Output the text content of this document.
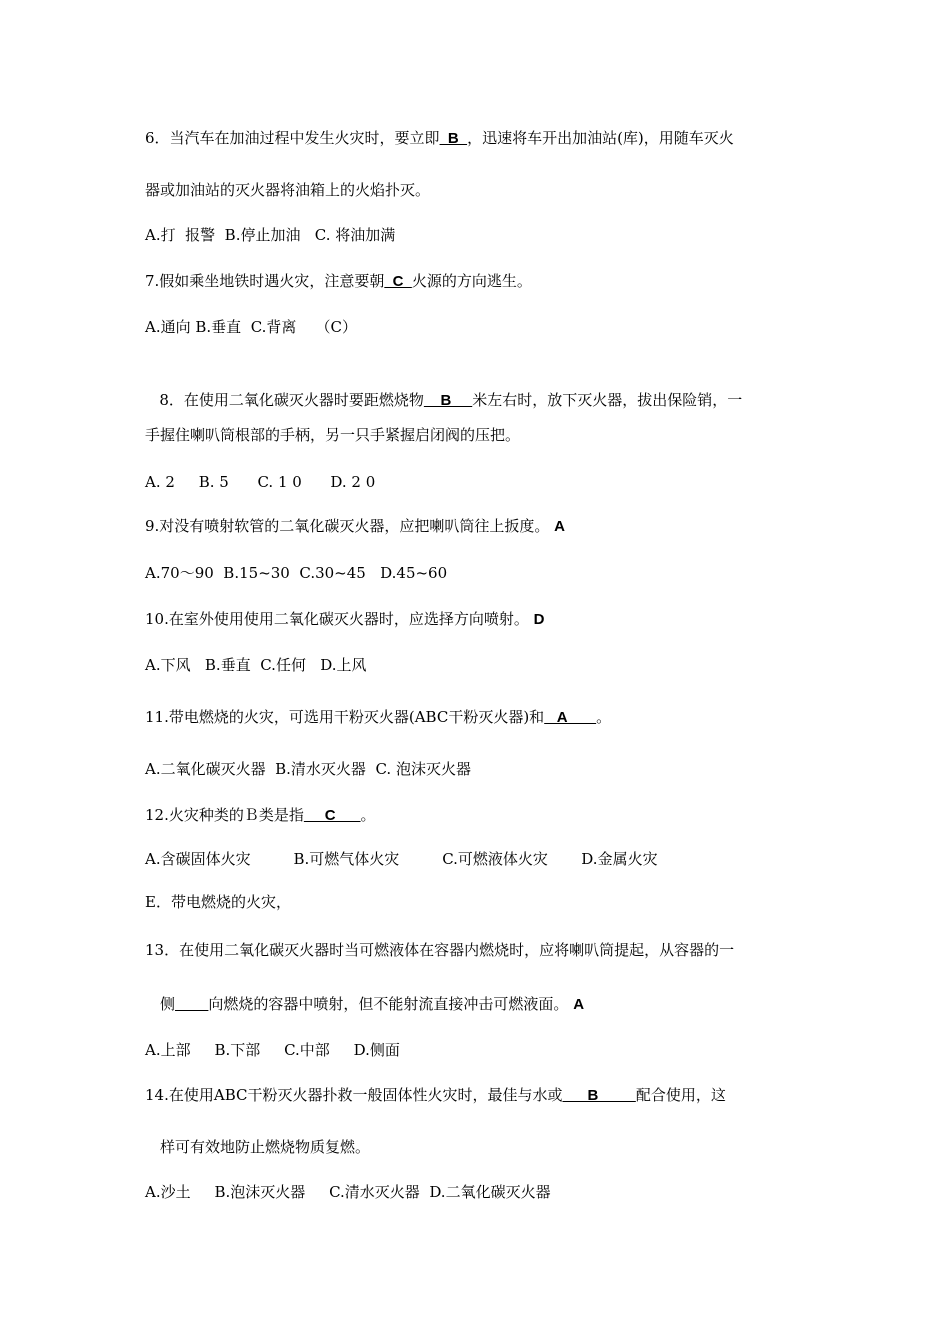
6．当汽车在加油过程中发生火灾时，要立即  B  ，迅速将车开出加油站(库)，用随车灭火
器或加油站的灭火器将油箱上的火焰扑灭。
A.打  报警  B.停止加油   C. 将油加满
7.假如乘坐地铁时遇火灾，注意要朝  C  火源的方向逃生。
A.通向 B.垂直  C.背离    （C）

8．在使用二氧化碳灭火器时要距燃烧物    B     米左右时，放下灭火器，拔出保险销，一

手握住喇叭筒根部的手柄，另一只手紧握启闭阀的压把。
A. 2     B. 5      C. 1 0      D. 2 0
9.对没有喷射软管的二氧化碳灭火器，应把喇叭筒往上扳度。 A
A.70～90  B.15~30  C.30~45   D.45~60
10.在室外使用使用二氧化碳灭火器时，应选择方向喷射。 D
A.下风   B.垂直  C.任何   D.上风
11.带电燃烧的火灾，可选用干粉灭火器(ABC干粉灭火器)和   A       。
A.二氧化碳灭火器  B.清水灭火器  C. 泡沫灭火器
12.火灾种类的Ｂ类是指     C      。
A.含碳固体火灾         B.可燃气体火灾         C.可燃液体火灾       D.金属火灾
E．带电燃烧的火灾，
13．在使用二氧化碳灭火器时当可燃液体在容器内燃烧时，应将喇叭筒提起，从容器的一
侧 向燃烧的容器中喷射，但不能射流直接冲击可燃液面。 A
A.上部     B.下部     C.中部     D.侧面
14.在使用ABC干粉灭火器扑救一般固体性火灾时，最佳与水或      B         配合使用，这
样可有效地防止燃烧物质复燃。
A.沙土     B.泡沫灭火器     C.清水灭火器  D.二氧化碳灭火器
